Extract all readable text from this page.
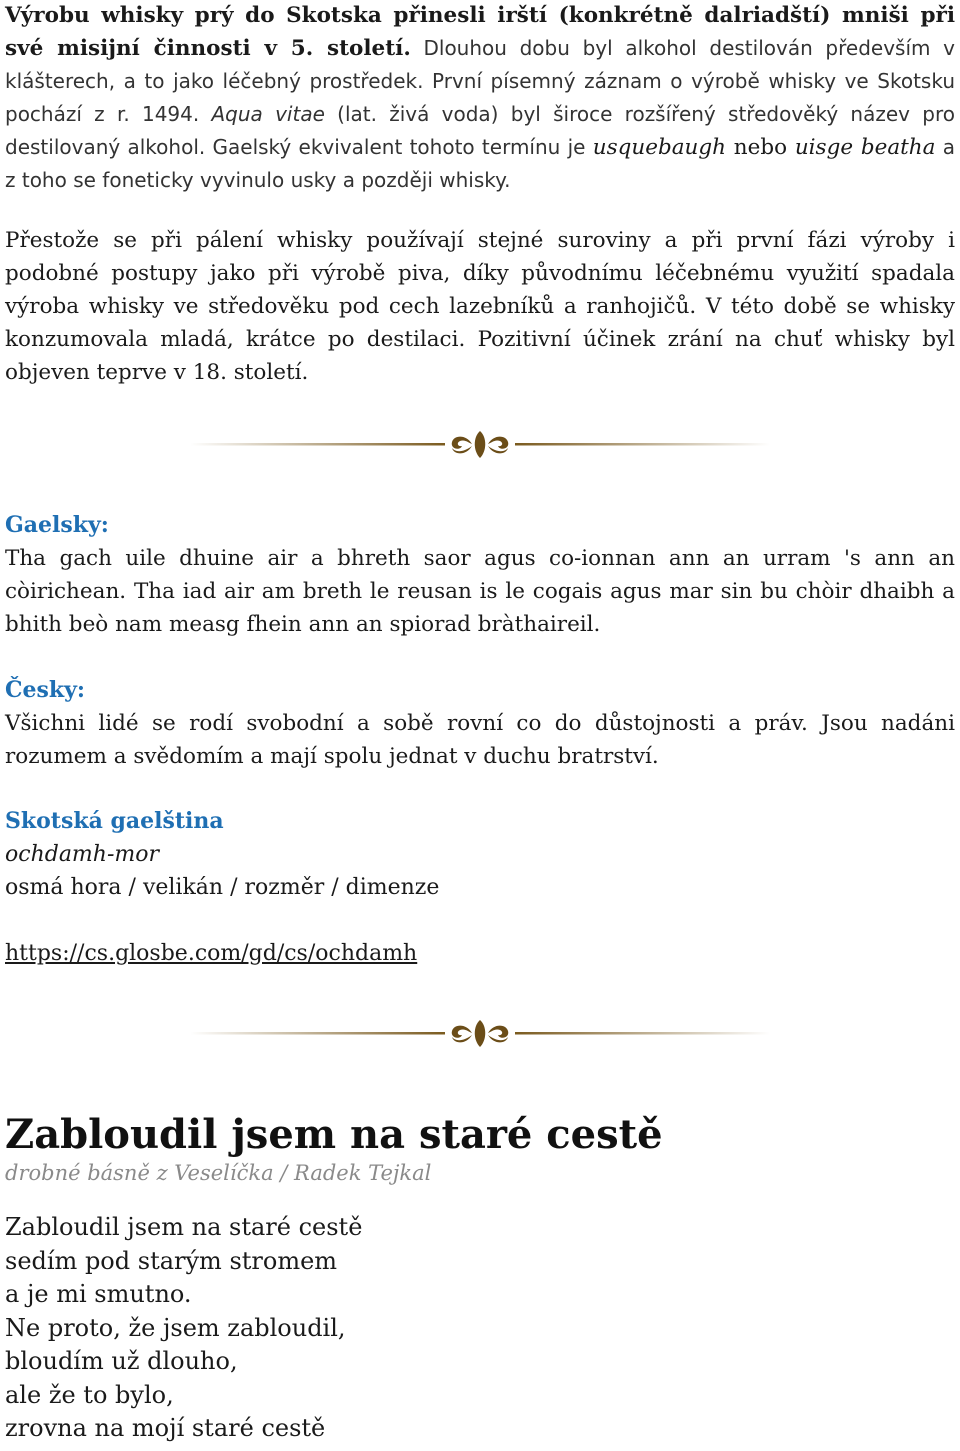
Výrobu whisky prý do Skotska přinesli irští (konkrétně dalriadští) mniši při své misijní činnosti v 5. století. Dlouhou dobu byl alkohol destilován především v klášterech, a to jako léčebný prostředek. První písemný záznam o výrobě whisky ve Skotsku pochází z r. 1494. Aqua vitae (lat. živá voda) byl široce rozšířený středověký název pro destilovaný alkohol. Gaelský ekvivalent tohoto termínu je usquebaugh nebo uisge beatha a z toho se foneticky vyvinulo usky a později whisky.

Přestože se při pálení whisky používají stejné suroviny a při první fázi výroby i podobné postupy jako při výrobě piva, díky původnímu léčebnému využití spadala výroba whisky ve středověku pod cech lazebníků a ranhojičů. V této době se whisky konzumovala mladá, krátce po destilaci. Pozitivní účinek zrání na chuť whisky byl objeven teprve v 18. století.

Gaelsky:

Tha gach uile dhuine air a bhreth saor agus co-ionnan ann an urram 's ann an còirichean. Tha iad air am breth le reusan is le cogais agus mar sin bu chòir dhaibh a bhith beò nam measg fhein ann an spiorad bràthaireil.

Česky:

Všichni lidé se rodí svobodní a sobě rovní co do důstojnosti a práv. Jsou nadáni rozumem a svědomím a mají spolu jednat v duchu bratrství.

Skotská gaelština

ochdamh-mor

osmá hora / velikán / rozměr / dimenze

https://cs.glosbe.com/gd/cs/ochdamh

Zabloudil jsem na staré cestě

drobné básně z Veselíčka / Radek Tejkal

Zabloudil jsem na staré cestě

sedím pod starým stromem

a je mi smutno.

Ne proto, že jsem zabloudil,

bloudím už dlouho,

ale že to bylo,

zrovna na mojí staré cestě
